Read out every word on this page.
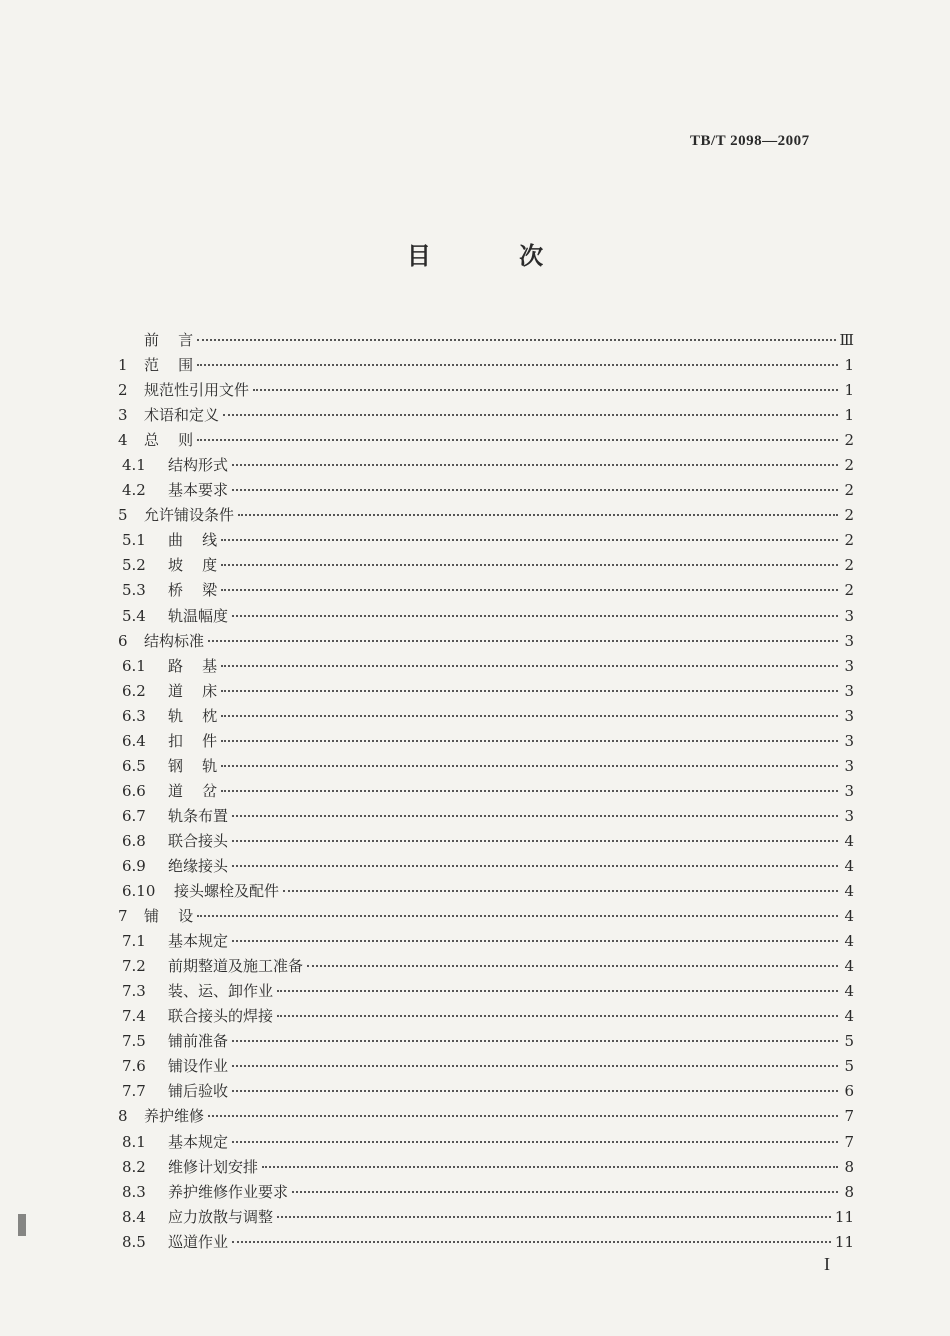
TB/T 2098—2007
目 次
前    言	Ⅲ
1	范    围	1
2	规范性引用文件	1
3	术语和定义	1
4	总    则	2
4.1	结构形式	2
4.2	基本要求	2
5	允许铺设条件	2
5.1	曲    线	2
5.2	坡    度	2
5.3	桥    梁	2
5.4	轨温幅度	3
6	结构标准	3
6.1	路    基	3
6.2	道    床	3
6.3	轨    枕	3
6.4	扣    件	3
6.5	钢    轨	3
6.6	道    岔	3
6.7	轨条布置	3
6.8	联合接头	4
6.9	绝缘接头	4
6.10	接头螺栓及配件	4
7	铺    设	4
7.1	基本规定	4
7.2	前期整道及施工准备	4
7.3	装、运、卸作业	4
7.4	联合接头的焊接	4
7.5	铺前准备	5
7.6	铺设作业	5
7.7	铺后验收	6
8	养护维修	7
8.1	基本规定	7
8.2	维修计划安排	8
8.3	养护维修作业要求	8
8.4	应力放散与调整	11
8.5	巡道作业	11
I
